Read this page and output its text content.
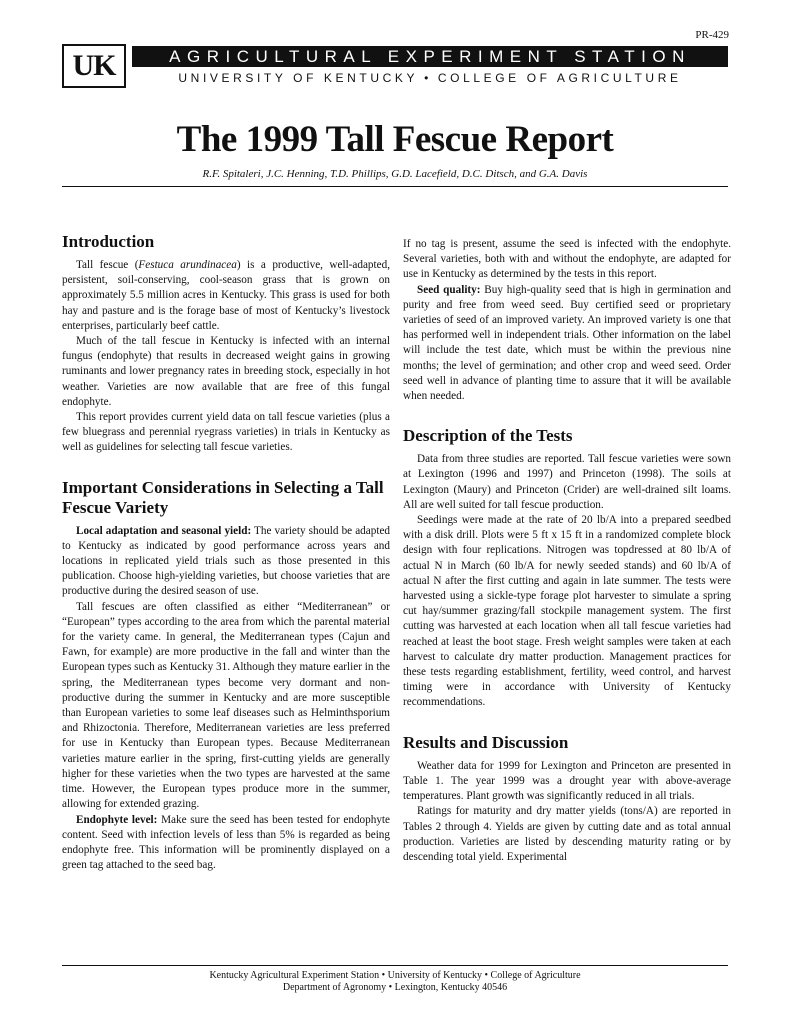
PR-429
UK	AGRICULTURAL EXPERIMENT STATION
UNIVERSITY OF KENTUCKY • COLLEGE OF AGRICULTURE
The 1999 Tall Fescue Report
R.F. Spitaleri, J.C. Henning, T.D. Phillips, G.D. Lacefield, D.C. Ditsch, and G.A. Davis
Introduction

Tall fescue (Festuca arundinacea) is a productive, well-adapted, persistent, soil-conserving, cool-season grass that is grown on approximately 5.5 million acres in Kentucky. This grass is used for both hay and pasture and is the forage base of most of Kentucky’s livestock enterprises, particularly beef cattle.

Much of the tall fescue in Kentucky is infected with an internal fungus (endophyte) that results in decreased weight gains in growing ruminants and lower pregnancy rates in breeding stock, especially in hot weather. Varieties are now available that are free of this fungal endophyte.

This report provides current yield data on tall fescue varieties (plus a few bluegrass and perennial ryegrass varieties) in trials in Kentucky as well as guidelines for selecting tall fescue varieties.

Important Considerations in Selecting a Tall Fescue Variety

Local adaptation and seasonal yield: The variety should be adapted to Kentucky as indicated by good performance across years and locations in replicated yield trials such as those presented in this publication. Choose high-yielding varieties, but choose varieties that are productive during the desired season of use.

Tall fescues are often classified as either “Mediterranean” or “European” types according to the area from which the parental material for the variety came. In general, the Mediterranean types (Cajun and Fawn, for example) are more productive in the fall and winter than the European types such as Kentucky 31. Although they mature earlier in the spring, the Mediterranean types become very dormant and non-productive during the summer in Kentucky and are more susceptible than European varieties to some leaf diseases such as Helminthsporium and Rhizoctonia. Therefore, Mediterranean varieties are less preferred for use in Kentucky than European types. Because Mediterranean varieties mature earlier in the spring, first-cutting yields are generally higher for these varieties when the two types are harvested at the same time. However, the European types produce more in the summer, allowing for extended grazing.

Endophyte level: Make sure the seed has been tested for endophyte content. Seed with infection levels of less than 5% is regarded as being endophyte free. This information will be prominently displayed on a green tag attached to the seed bag.

If no tag is present, assume the seed is infected with the endophyte. Several varieties, both with and without the endophyte, are adapted for use in Kentucky as determined by the tests in this report.

Seed quality: Buy high-quality seed that is high in germination and purity and free from weed seed. Buy certified seed or proprietary varieties of seed of an improved variety. An improved variety is one that has performed well in independent trials. Other information on the label will include the test date, which must be within the previous nine months; the level of germination; and other crop and weed seed. Order seed well in advance of planting time to assure that it will be available when needed.

Description of the Tests

Data from three studies are reported. Tall fescue varieties were sown at Lexington (1996 and 1997) and Princeton (1998). The soils at Lexington (Maury) and Princeton (Crider) are well-drained silt loams. All are well suited for tall fescue production.

Seedings were made at the rate of 20 lb/A into a prepared seedbed with a disk drill. Plots were 5 ft x 15 ft in a randomized complete block design with four replications. Nitrogen was topdressed at 80 lb/A of actual N in March (60 lb/A for newly seeded stands) and 60 lb/A of actual N after the first cutting and again in late summer. The tests were harvested using a sickle-type forage plot harvester to simulate a spring cut hay/summer grazing/fall stockpile management system. The first cutting was harvested at each location when all tall fescue varieties had reached at least the boot stage. Fresh weight samples were taken at each harvest to calculate dry matter production. Management practices for these tests regarding establishment, fertility, weed control, and harvest timing were in accordance with University of Kentucky recommendations.

Results and Discussion

Weather data for 1999 for Lexington and Princeton are presented in Table 1. The year 1999 was a drought year with above-average temperatures. Plant growth was significantly reduced in all trials.

Ratings for maturity and dry matter yields (tons/A) are reported in Tables 2 through 4. Yields are given by cutting date and as total annual production. Varieties are listed by descending maturity rating or by descending total yield. Experimental

Kentucky Agricultural Experiment Station • University of Kentucky • College of Agriculture
Department of Agronomy • Lexington, Kentucky 40546
